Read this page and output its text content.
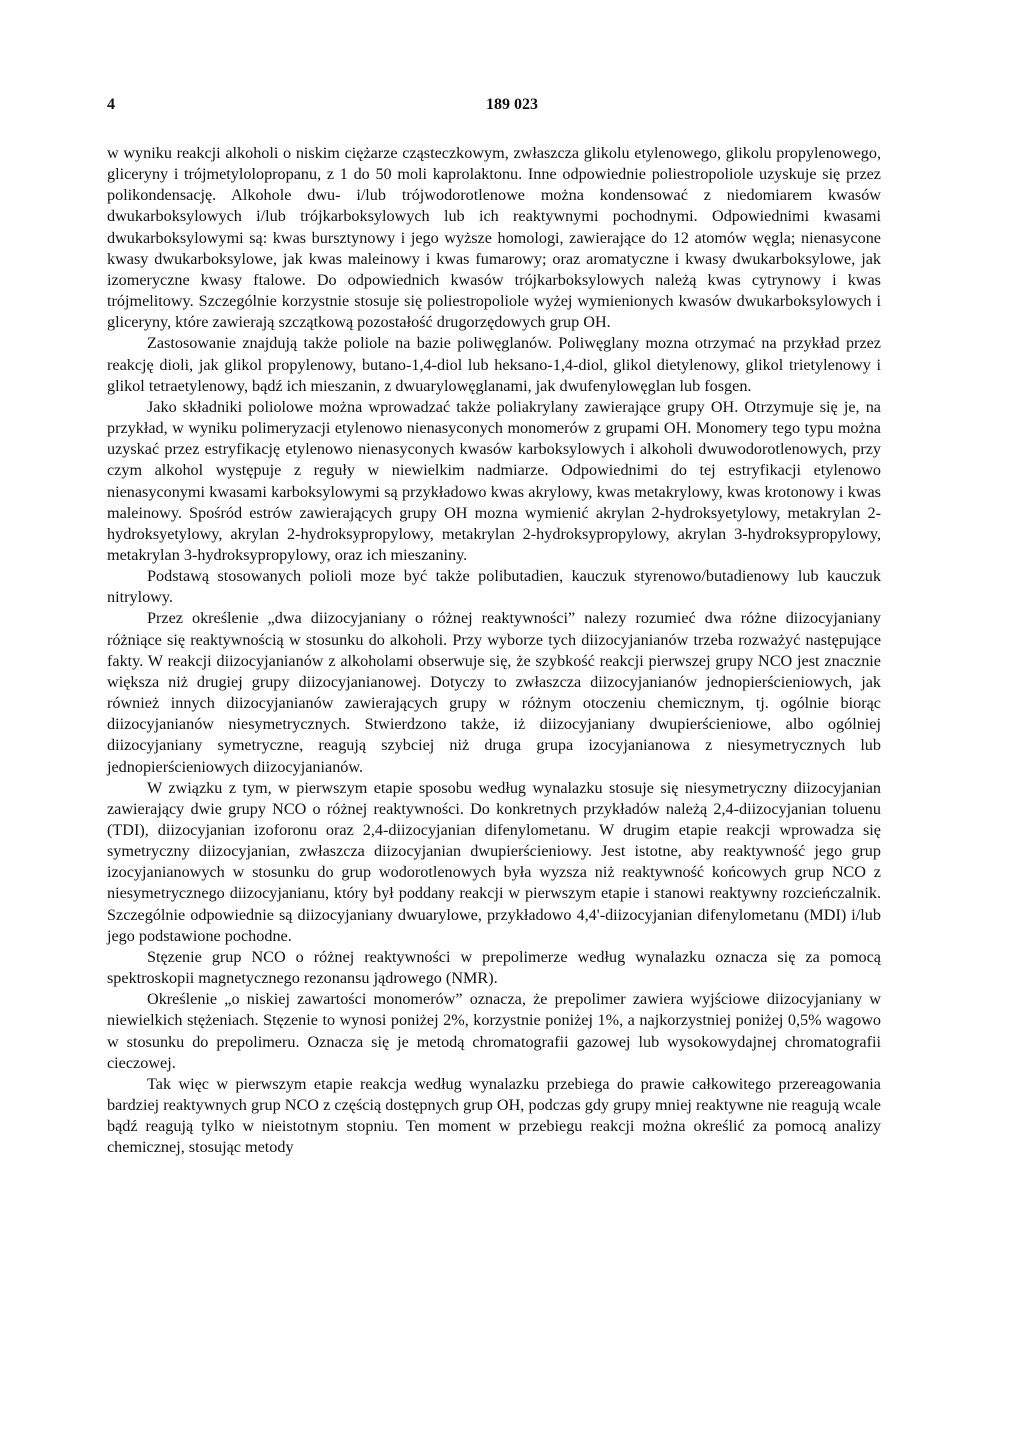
4	189 023

w wyniku reakcji alkoholi o niskim ciężarze cząsteczkowym, zwłaszcza glikolu etylenowego, glikolu propylenowego, gliceryny i trójmetylolopropanu, z 1 do 50 moli kaprolaktonu. Inne odpowiednie poliestropoliole uzyskuje się przez polikondensację. Alkohole dwu- i/lub trójwodorotlenowe można kondensować z niedomiarem kwasów dwukarboksylowych i/lub trójkarboksylowych lub ich reaktywnymi pochodnymi. Odpowiednimi kwasami dwukarboksylowymi są: kwas bursztynowy i jego wyższe homologi, zawierające do 12 atomów węgla; nienasycone kwasy dwukarboksylowe, jak kwas maleinowy i kwas fumarowy; oraz aromatyczne i kwasy dwukarboksylowe, jak izomeryczne kwasy ftalowe. Do odpowiednich kwasów trójkarboksylowych należą kwas cytrynowy i kwas trójmelitowy. Szczególnie korzystnie stosuje się poliestropoliole wyżej wymienionych kwasów dwukarboksylowych i gliceryny, które zawierają szczątkową pozostałość drugorzędowych grup OH.

Zastosowanie znajdują także poliole na bazie poliwęglanów. Poliwęglany mozna otrzymać na przykład przez reakcję dioli, jak glikol propylenowy, butano-1,4-diol lub heksano-1,4-diol, glikol dietylenowy, glikol trietylenowy i glikol tetraetylenowy, bądź ich mieszanin, z dwuarylowęglanami, jak dwufenylowęglan lub fosgen.

Jako składniki poliolowe można wprowadzać także poliakrylany zawierające grupy OH. Otrzymuje się je, na przykład, w wyniku polimeryzacji etylenowo nienasyconych monomerów z grupami OH. Monomery tego typu można uzyskać przez estryfikację etylenowo nienasyconych kwasów karboksylowych i alkoholi dwuwodorotlenowych, przy czym alkohol występuje z reguły w niewielkim nadmiarze. Odpowiednimi do tej estryfikacji etylenowo nienasyconymi kwasami karboksylowymi są przykładowo kwas akrylowy, kwas metakrylowy, kwas krotonowy i kwas maleinowy. Spośród estrów zawierających grupy OH mozna wymienić akrylan 2-hydroksyetylowy, metakrylan 2-hydroksyetylowy, akrylan 2-hydroksypropylowy, metakrylan 2-hydroksypropylowy, akrylan 3-hydroksypropylowy, metakrylan 3-hydroksypropylowy, oraz ich mieszaniny.

Podstawą stosowanych polioli moze być także polibutadien, kauczuk styrenowo/butadienowy lub kauczuk nitrylowy.

Przez określenie „dwa diizocyjaniany o różnej reaktywności” nalezy rozumieć dwa różne diizocyjaniany różniące się reaktywnością w stosunku do alkoholi. Przy wyborze tych diizocyjanianów trzeba rozważyć następujące fakty. W reakcji diizocyjanianów z alkoholami obserwuje się, że szybkość reakcji pierwszej grupy NCO jest znacznie większa niż drugiej grupy diizocyjanianowej. Dotyczy to zwłaszcza diizocyjanianów jednopierścieniowych, jak również innych diizocyjanianów zawierających grupy w różnym otoczeniu chemicznym, tj. ogólnie biorąc diizocyjanianów niesymetrycznych. Stwierdzono także, iż diizocyjaniany dwupierścieniowe, albo ogólniej diizocyjaniany symetryczne, reagują szybciej niż druga grupa izocyjanianowa z niesymetrycznych lub jednopierścieniowych diizocyjanianów.

W związku z tym, w pierwszym etapie sposobu według wynalazku stosuje się niesymetryczny diizocyjanian zawierający dwie grupy NCO o różnej reaktywności. Do konkretnych przykładów należą 2,4-diizocyjanian toluenu (TDI), diizocyjanian izoforonu oraz 2,4-diizocyjanian difenylometanu. W drugim etapie reakcji wprowadza się symetryczny diizocyjanian, zwłaszcza diizocyjanian dwupierścieniowy. Jest istotne, aby reaktywność jego grup izocyjanianowych w stosunku do grup wodorotlenowych była wyzsza niż reaktywność końcowych grup NCO z niesymetrycznego diizocyjanianu, który był poddany reakcji w pierwszym etapie i stanowi reaktywny rozcieńczalnik. Szczególnie odpowiednie są diizocyjaniany dwuarylowe, przykładowo 4,4'-diizocyjanian difenylometanu (MDI) i/lub jego podstawione pochodne.

Stęzenie grup NCO o różnej reaktywności w prepolimerze według wynalazku oznacza się za pomocą spektroskopii magnetycznego rezonansu jądrowego (NMR).

Określenie „o niskiej zawartości monomerów” oznacza, że prepolimer zawiera wyjściowe diizocyjaniany w niewielkich stężeniach. Stęzenie to wynosi poniżej 2%, korzystnie poniżej 1%, a najkorzystniej poniżej 0,5% wagowo w stosunku do prepolimeru. Oznacza się je metodą chromatografii gazowej lub wysokowydajnej chromatografii cieczowej.

Tak więc w pierwszym etapie reakcja według wynalazku przebiega do prawie całkowitego przereagowania bardziej reaktywnych grup NCO z częścią dostępnych grup OH, podczas gdy grupy mniej reaktywne nie reagują wcale bądź reagują tylko w nieistotnym stopniu. Ten moment w przebiegu reakcji można określić za pomocą analizy chemicznej, stosując metody
